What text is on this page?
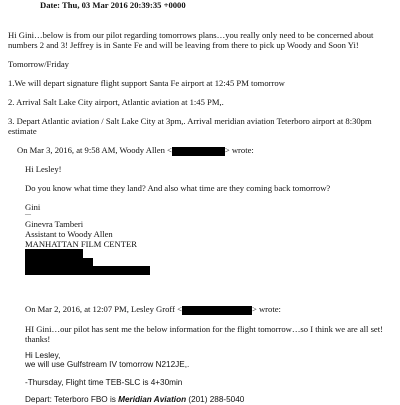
Date: Thu, 03 Mar 2016 20:39:35 +0000
Hi Gini…below is from our pilot regarding tomorrows plans…you really only need to be concerned about
numbers 2 and 3! Jeffrey is in Sante Fe and will be leaving from there to pick up Woody and Soon Yi!
Tomorrow/Friday
1.We will depart signature flight support Santa Fe airport at 12:45 PM tomorrow
2. Arrival Salt Lake City airport, Atlantic aviation at 1:45 PM,.
3. Depart Atlantic aviation / Salt Lake City at 3pm,. Arrival meridian aviation Teterboro airport at 8:30pm
estimate
On Mar 3, 2016, at 9:58 AM, Woody Allen <	> wrote:
Hi Lesley!
Do you know what time they land? And also what time are they coming back tomorrow?
Gini
—
Ginevra Tamberi
Assistant to Woody Allen
MANHATTAN FILM CENTER
On Mar 2, 2016, at 12:07 PM, Lesley Groff <	> wrote:
HI Gini…our pilot has sent me the below information for the flight tomorrow…so I think we are all set!
thanks!
Hi Lesley,
we will use Gulfstream IV tomorrow N212JE,.
-Thursday, Flight time TEB-SLC is 4+30min
Depart: Teterboro FBO is Meridian Aviation (201) 288-5040
